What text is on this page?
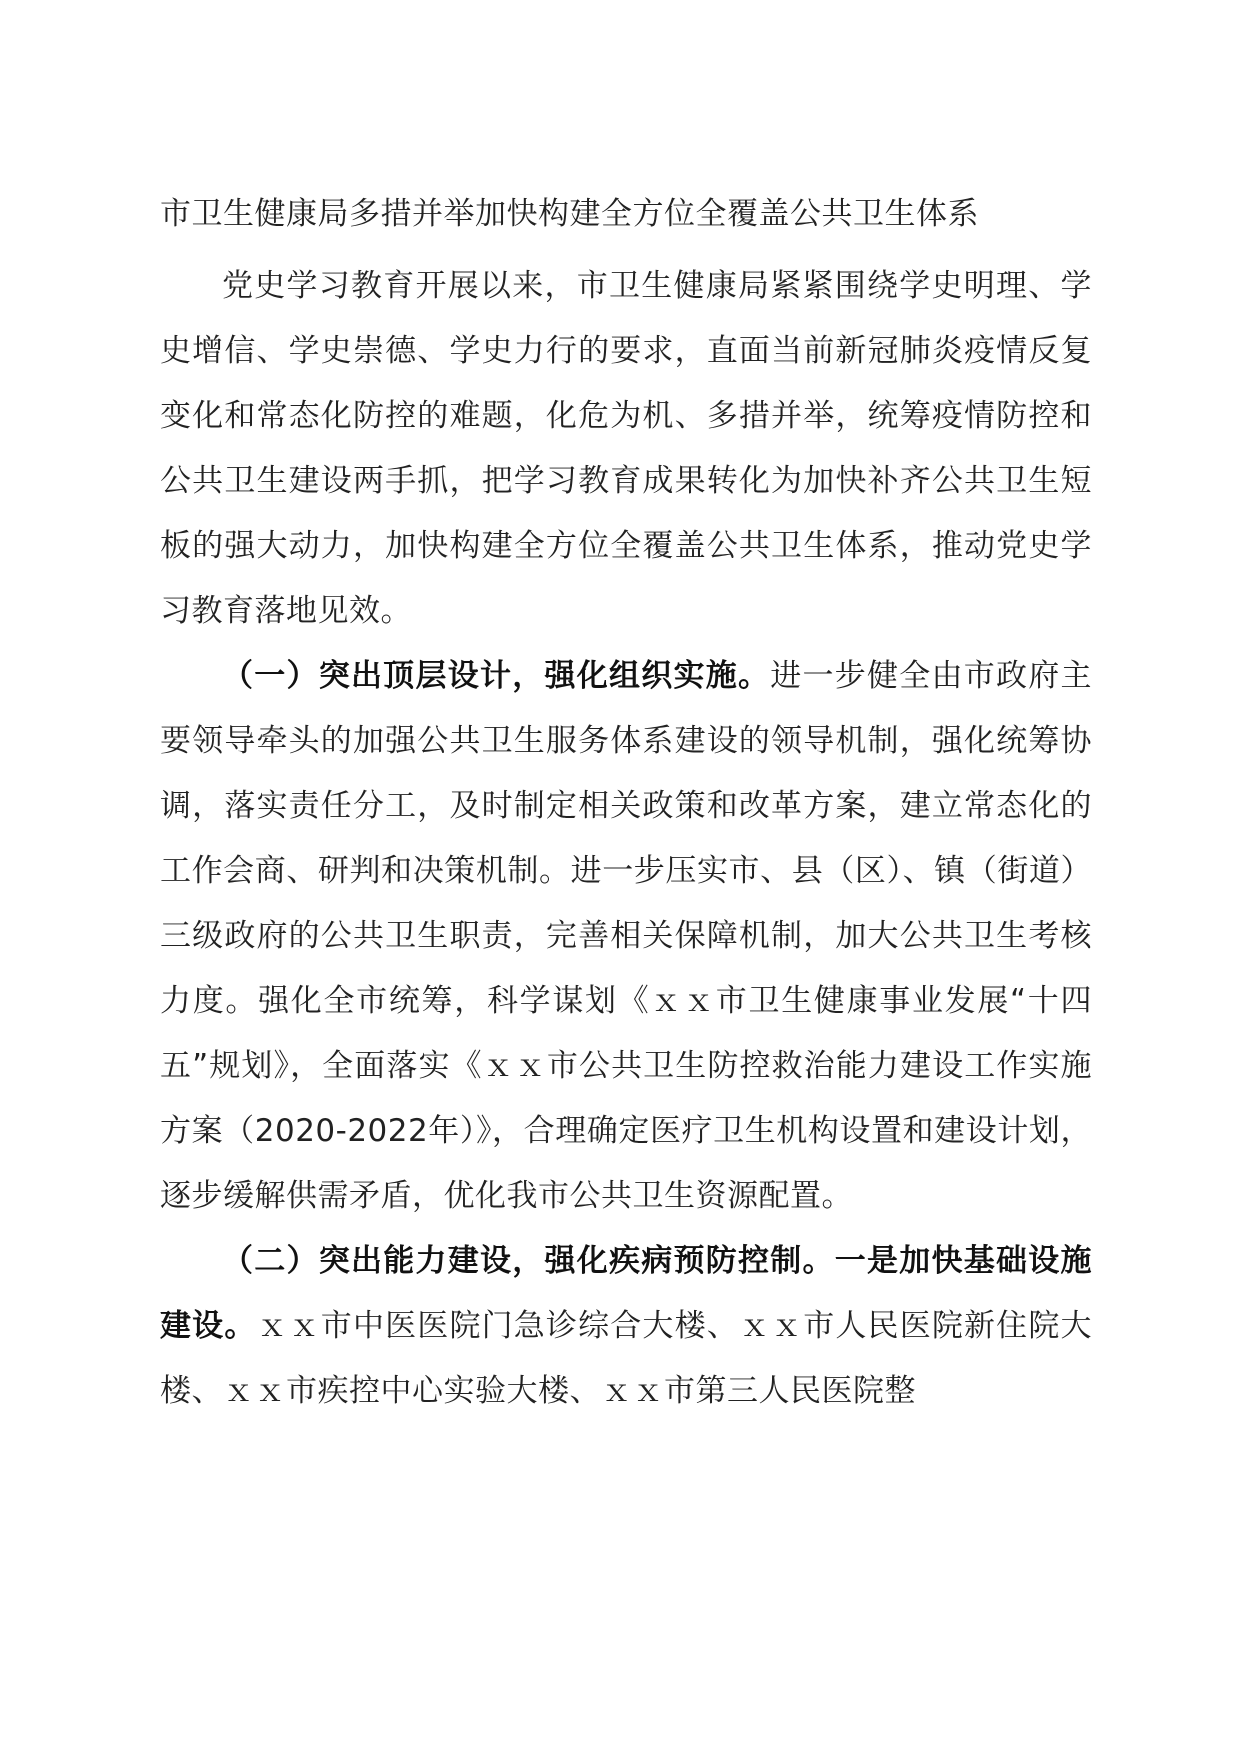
市卫生健康局多措并举加快构建全方位全覆盖公共卫生体系

党史学习教育开展以来，市卫生健康局紧紧围绕学史明理、学史增信、学史崇德、学史力行的要求，直面当前新冠肺炎疫情反复变化和常态化防控的难题，化危为机、多措并举，统筹疫情防控和公共卫生建设两手抓，把学习教育成果转化为加快补齐公共卫生短板的强大动力，加快构建全方位全覆盖公共卫生体系，推动党史学习教育落地见效。

（一）突出顶层设计，强化组织实施。进一步健全由市政府主要领导牵头的加强公共卫生服务体系建设的领导机制，强化统筹协调，落实责任分工，及时制定相关政策和改革方案，建立常态化的工作会商、研判和决策机制。进一步压实市、县（区）、镇（街道）三级政府的公共卫生职责，完善相关保障机制，加大公共卫生考核力度。强化全市统筹，科学谋划《ｘｘ市卫生健康事业发展“十四五”规划》，全面落实《ｘｘ市公共卫生防控救治能力建设工作实施方案（2020-2022年）》，合理确定医疗卫生机构设置和建设计划，逐步缓解供需矛盾，优化我市公共卫生资源配置。

（二）突出能力建设，强化疾病预防控制。一是加快基础设施建设。ｘｘ市中医医院门急诊综合大楼、ｘｘ市人民医院新住院大楼、ｘｘ市疾控中心实验大楼、ｘｘ市第三人民医院整
